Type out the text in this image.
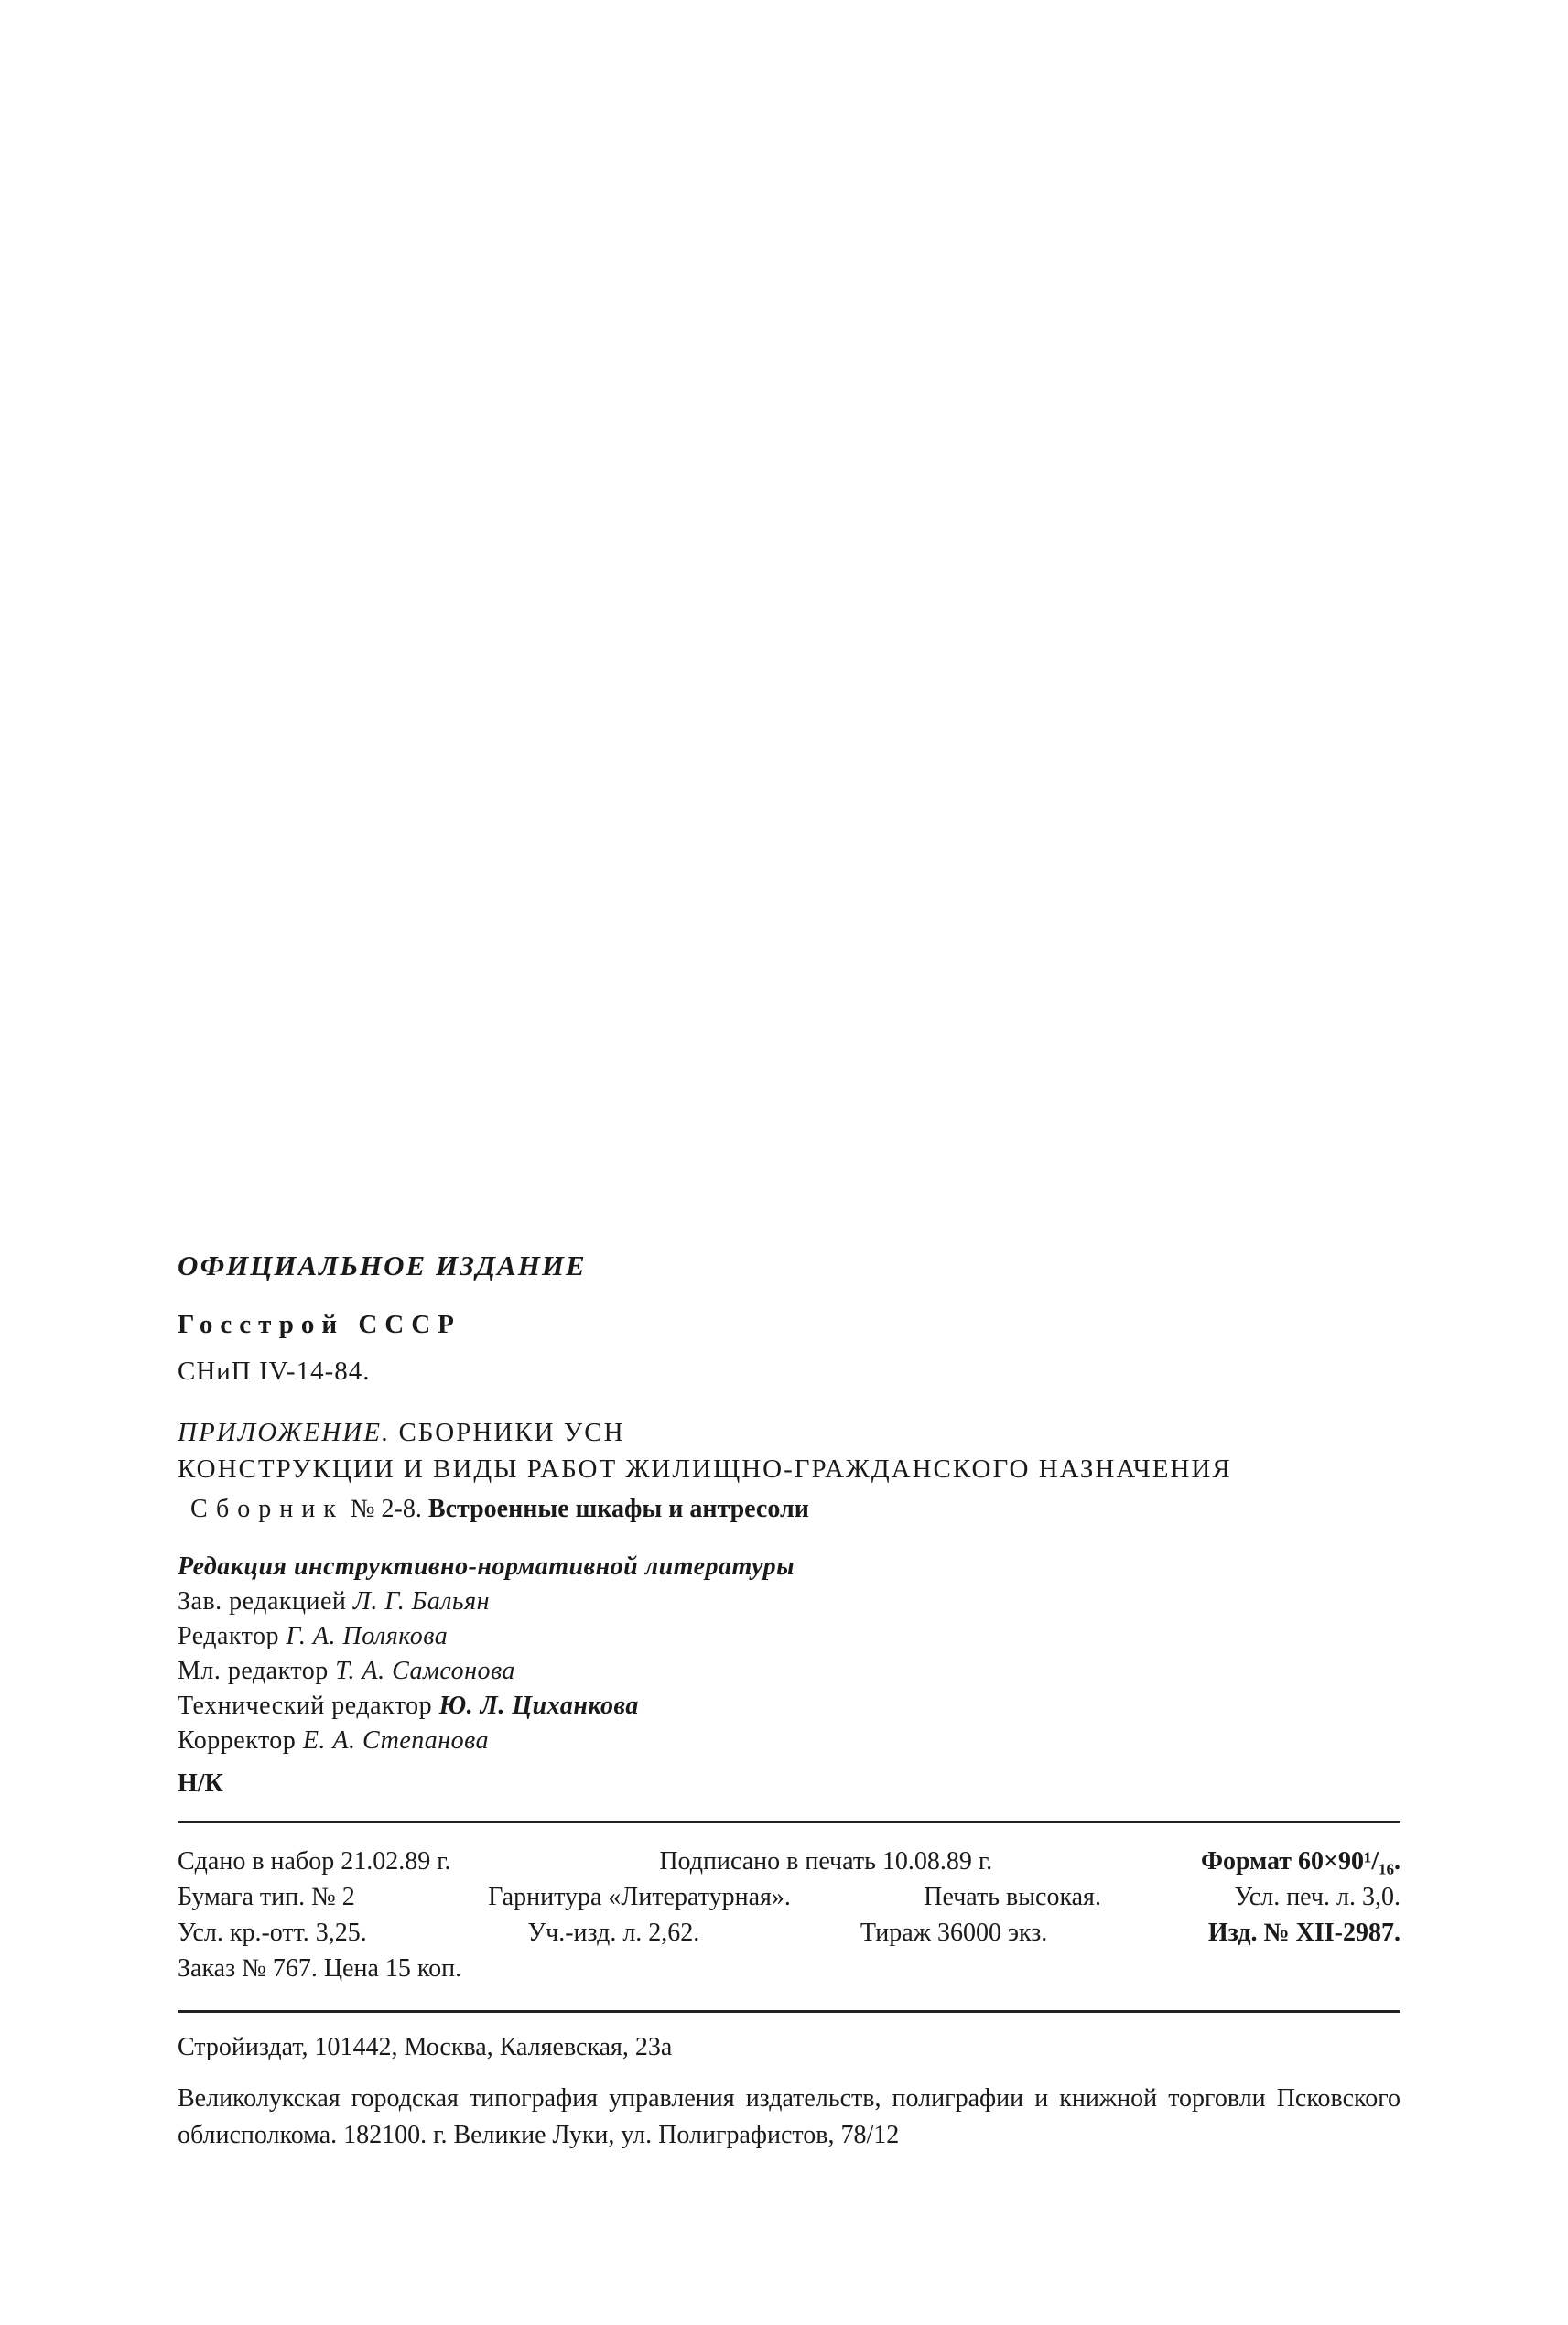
ОФИЦИАЛЬНОЕ ИЗДАНИЕ
Госстрой СССР
СНиП IV-14-84.

ПРИЛОЖЕНИЕ. СБОРНИКИ УСН

КОНСТРУКЦИИ И ВИДЫ РАБОТ ЖИЛИЩНО-ГРАЖДАНСКОГО НАЗНАЧЕНИЯ

Сборник № 2-8. Встроенные шкафы и антресоли
Редакция инструктивно-нормативной литературы
Зав. редакцией Л. Г. Бальян
Редактор Г. А. Полякова
Мл. редактор Т. А. Самсонова
Технический редактор Ю. Л. Циханкова
Корректор Е. А. Степанова
Н/К
Сдано в набор 21.02.89 г.	Подписано в печать 10.08.89 г.	Формат 60×90¹/₁₆.
Бумага тип. № 2	Гарнитура «Литературная».	Печать высокая.	Усл. печ. л. 3,0.
Усл. кр.-отт. 3,25.	Уч.-изд. л. 2,62.	Тираж 36000 экз.	Изд. № XII-2987.
Заказ № 767. Цена 15 коп.
Стройиздат, 101442, Москва, Каляевская, 23а
Великолукская городская типография управления издательств, полиграфии и книжной торговли Псковского облисполкома. 182100. г. Великие Луки, ул. Полиграфистов, 78/12
